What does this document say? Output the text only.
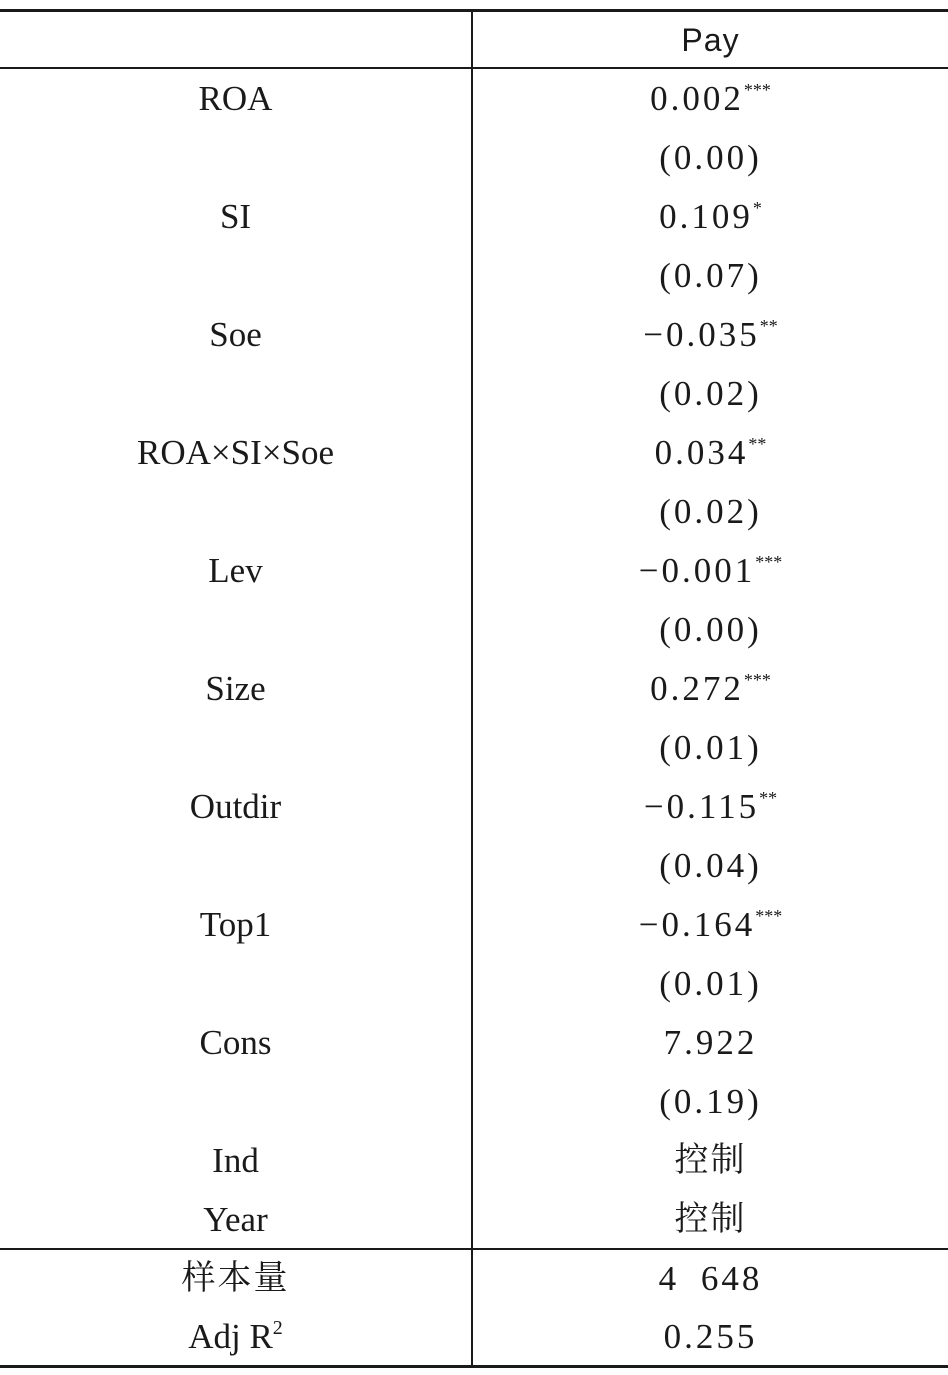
Pay
ROA	0.002***
(0.00)
SI	0.109*
(0.07)
Soe	−0.035**
(0.02)
ROA×SI×Soe	0.034**
(0.02)
Lev	−0.001***
(0.00)
Size	0.272***
(0.01)
Outdir	−0.115**
(0.04)
Top1	−0.164***
(0.01)
Cons	7.922
(0.19)
Ind	控制
Year	控制
样本量	4 648
Adj $R^2$	0.255
